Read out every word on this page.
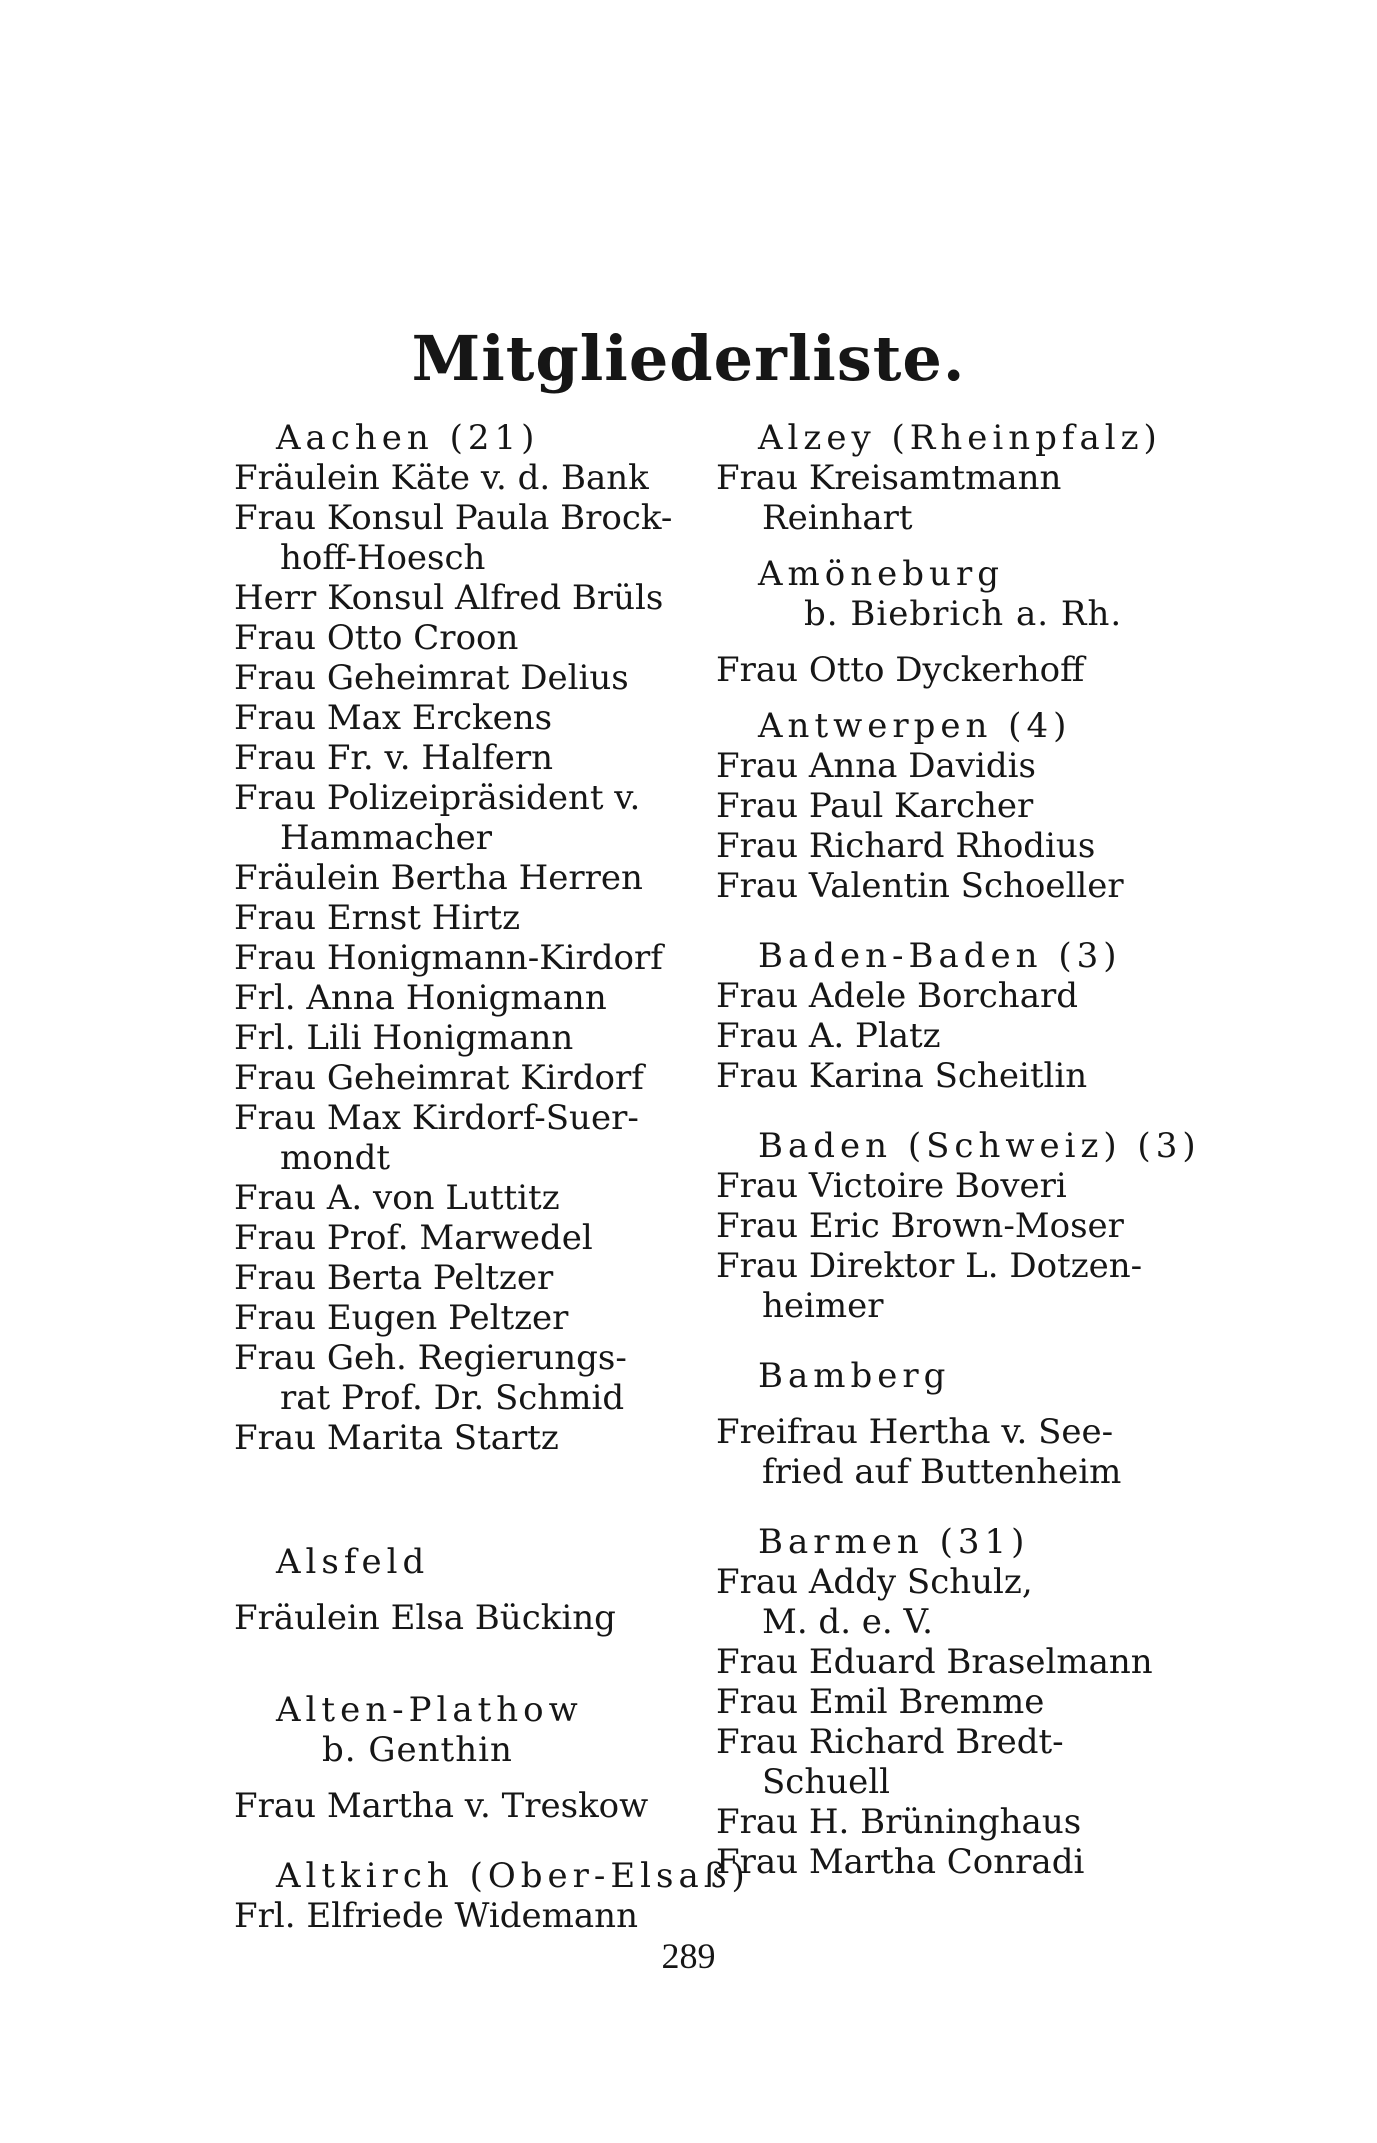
Mitgliederliste.
Aachen (21)
Fräulein Käte v. d. Bank
Frau Konsul Paula Brock-
hoff-Hoesch
Herr Konsul Alfred Brüls
Frau Otto Croon
Frau Geheimrat Delius
Frau Max Erckens
Frau Fr. v. Halfern
Frau Polizeipräsident v.
Hammacher
Fräulein Bertha Herren
Frau Ernst Hirtz
Frau Honigmann-Kirdorf
Frl. Anna Honigmann
Frl. Lili Honigmann
Frau Geheimrat Kirdorf
Frau Max Kirdorf-Suer-
mondt
Frau A. von Luttitz
Frau Prof. Marwedel
Frau Berta Peltzer
Frau Eugen Peltzer
Frau Geh. Regierungs-
rat Prof. Dr. Schmid
Frau Marita Startz
Alsfeld
Fräulein Elsa Bücking
Alten-Plathow
b. Genthin
Frau Martha v. Treskow
Altkirch (Ober-Elsaß)
Frl. Elfriede Widemann
Alzey (Rheinpfalz)
Frau Kreisamtmann
Reinhart
Amöneburg
b. Biebrich a. Rh.
Frau Otto Dyckerhoff
Antwerpen (4)
Frau Anna Davidis
Frau Paul Karcher
Frau Richard Rhodius
Frau Valentin Schoeller
Baden-Baden (3)
Frau Adele Borchard
Frau A. Platz
Frau Karina Scheitlin
Baden (Schweiz) (3)
Frau Victoire Boveri
Frau Eric Brown-Moser
Frau Direktor L. Dotzen-
heimer
Bamberg
Freifrau Hertha v. See-
fried auf Buttenheim
Barmen (31)
Frau Addy Schulz,
M. d. e. V.
Frau Eduard Braselmann
Frau Emil Bremme
Frau Richard Bredt-
Schuell
Frau H. Brüninghaus
Frau Martha Conradi
289
